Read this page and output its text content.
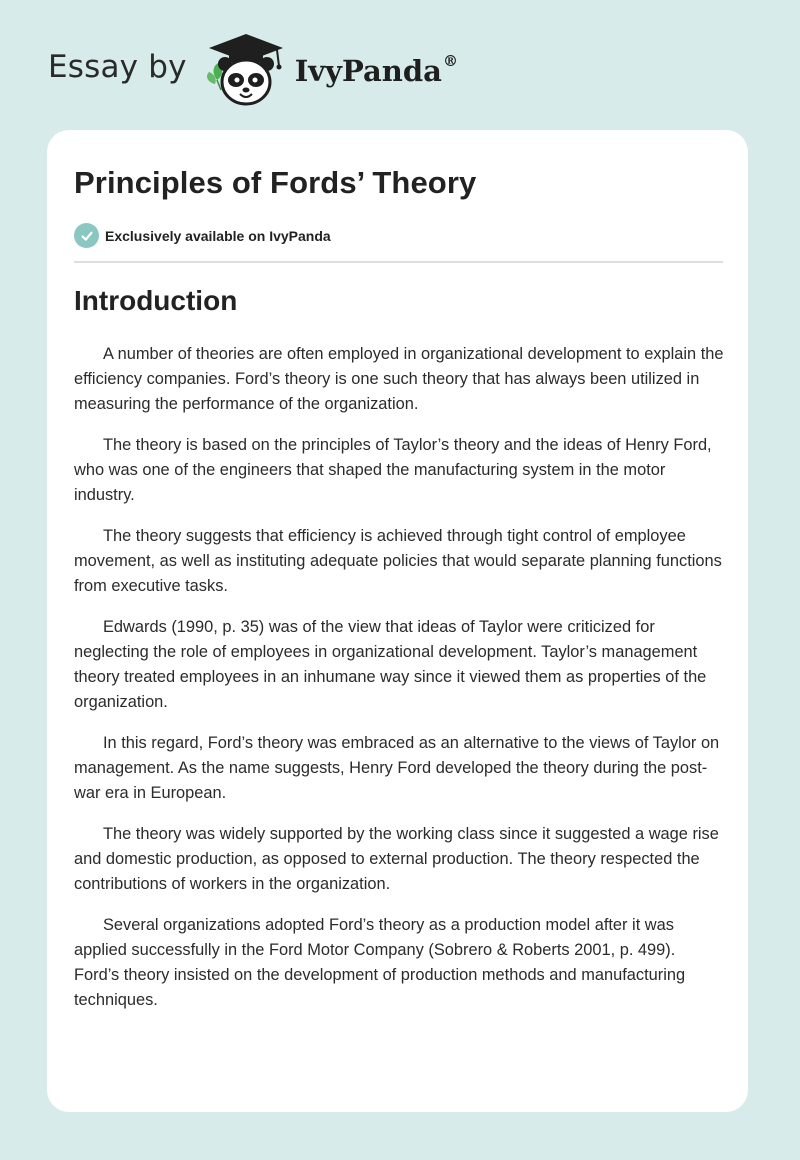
Essay by	IvyPanda®
Principles of Fords’ Theory
Exclusively available on IvyPanda
Introduction

A number of theories are often employed in organizational development to explain the efficiency companies. Ford’s theory is one such theory that has always been utilized in measuring the performance of the organization.

The theory is based on the principles of Taylor’s theory and the ideas of Henry Ford, who was one of the engineers that shaped the manufacturing system in the motor industry.

The theory suggests that efficiency is achieved through tight control of employee movement, as well as instituting adequate policies that would separate planning functions from executive tasks.

Edwards (1990, p. 35) was of the view that ideas of Taylor were criticized for neglecting the role of employees in organizational development. Taylor’s management theory treated employees in an inhumane way since it viewed them as properties of the organization.

In this regard, Ford’s theory was embraced as an alternative to the views of Taylor on management. As the name suggests, Henry Ford developed the theory during the post-war era in European.

The theory was widely supported by the working class since it suggested a wage rise and domestic production, as opposed to external production. The theory respected the contributions of workers in the organization.

Several organizations adopted Ford’s theory as a production model after it was applied successfully in the Ford Motor Company (Sobrero & Roberts 2001, p. 499). Ford’s theory insisted on the development of production methods and manufacturing techniques.
